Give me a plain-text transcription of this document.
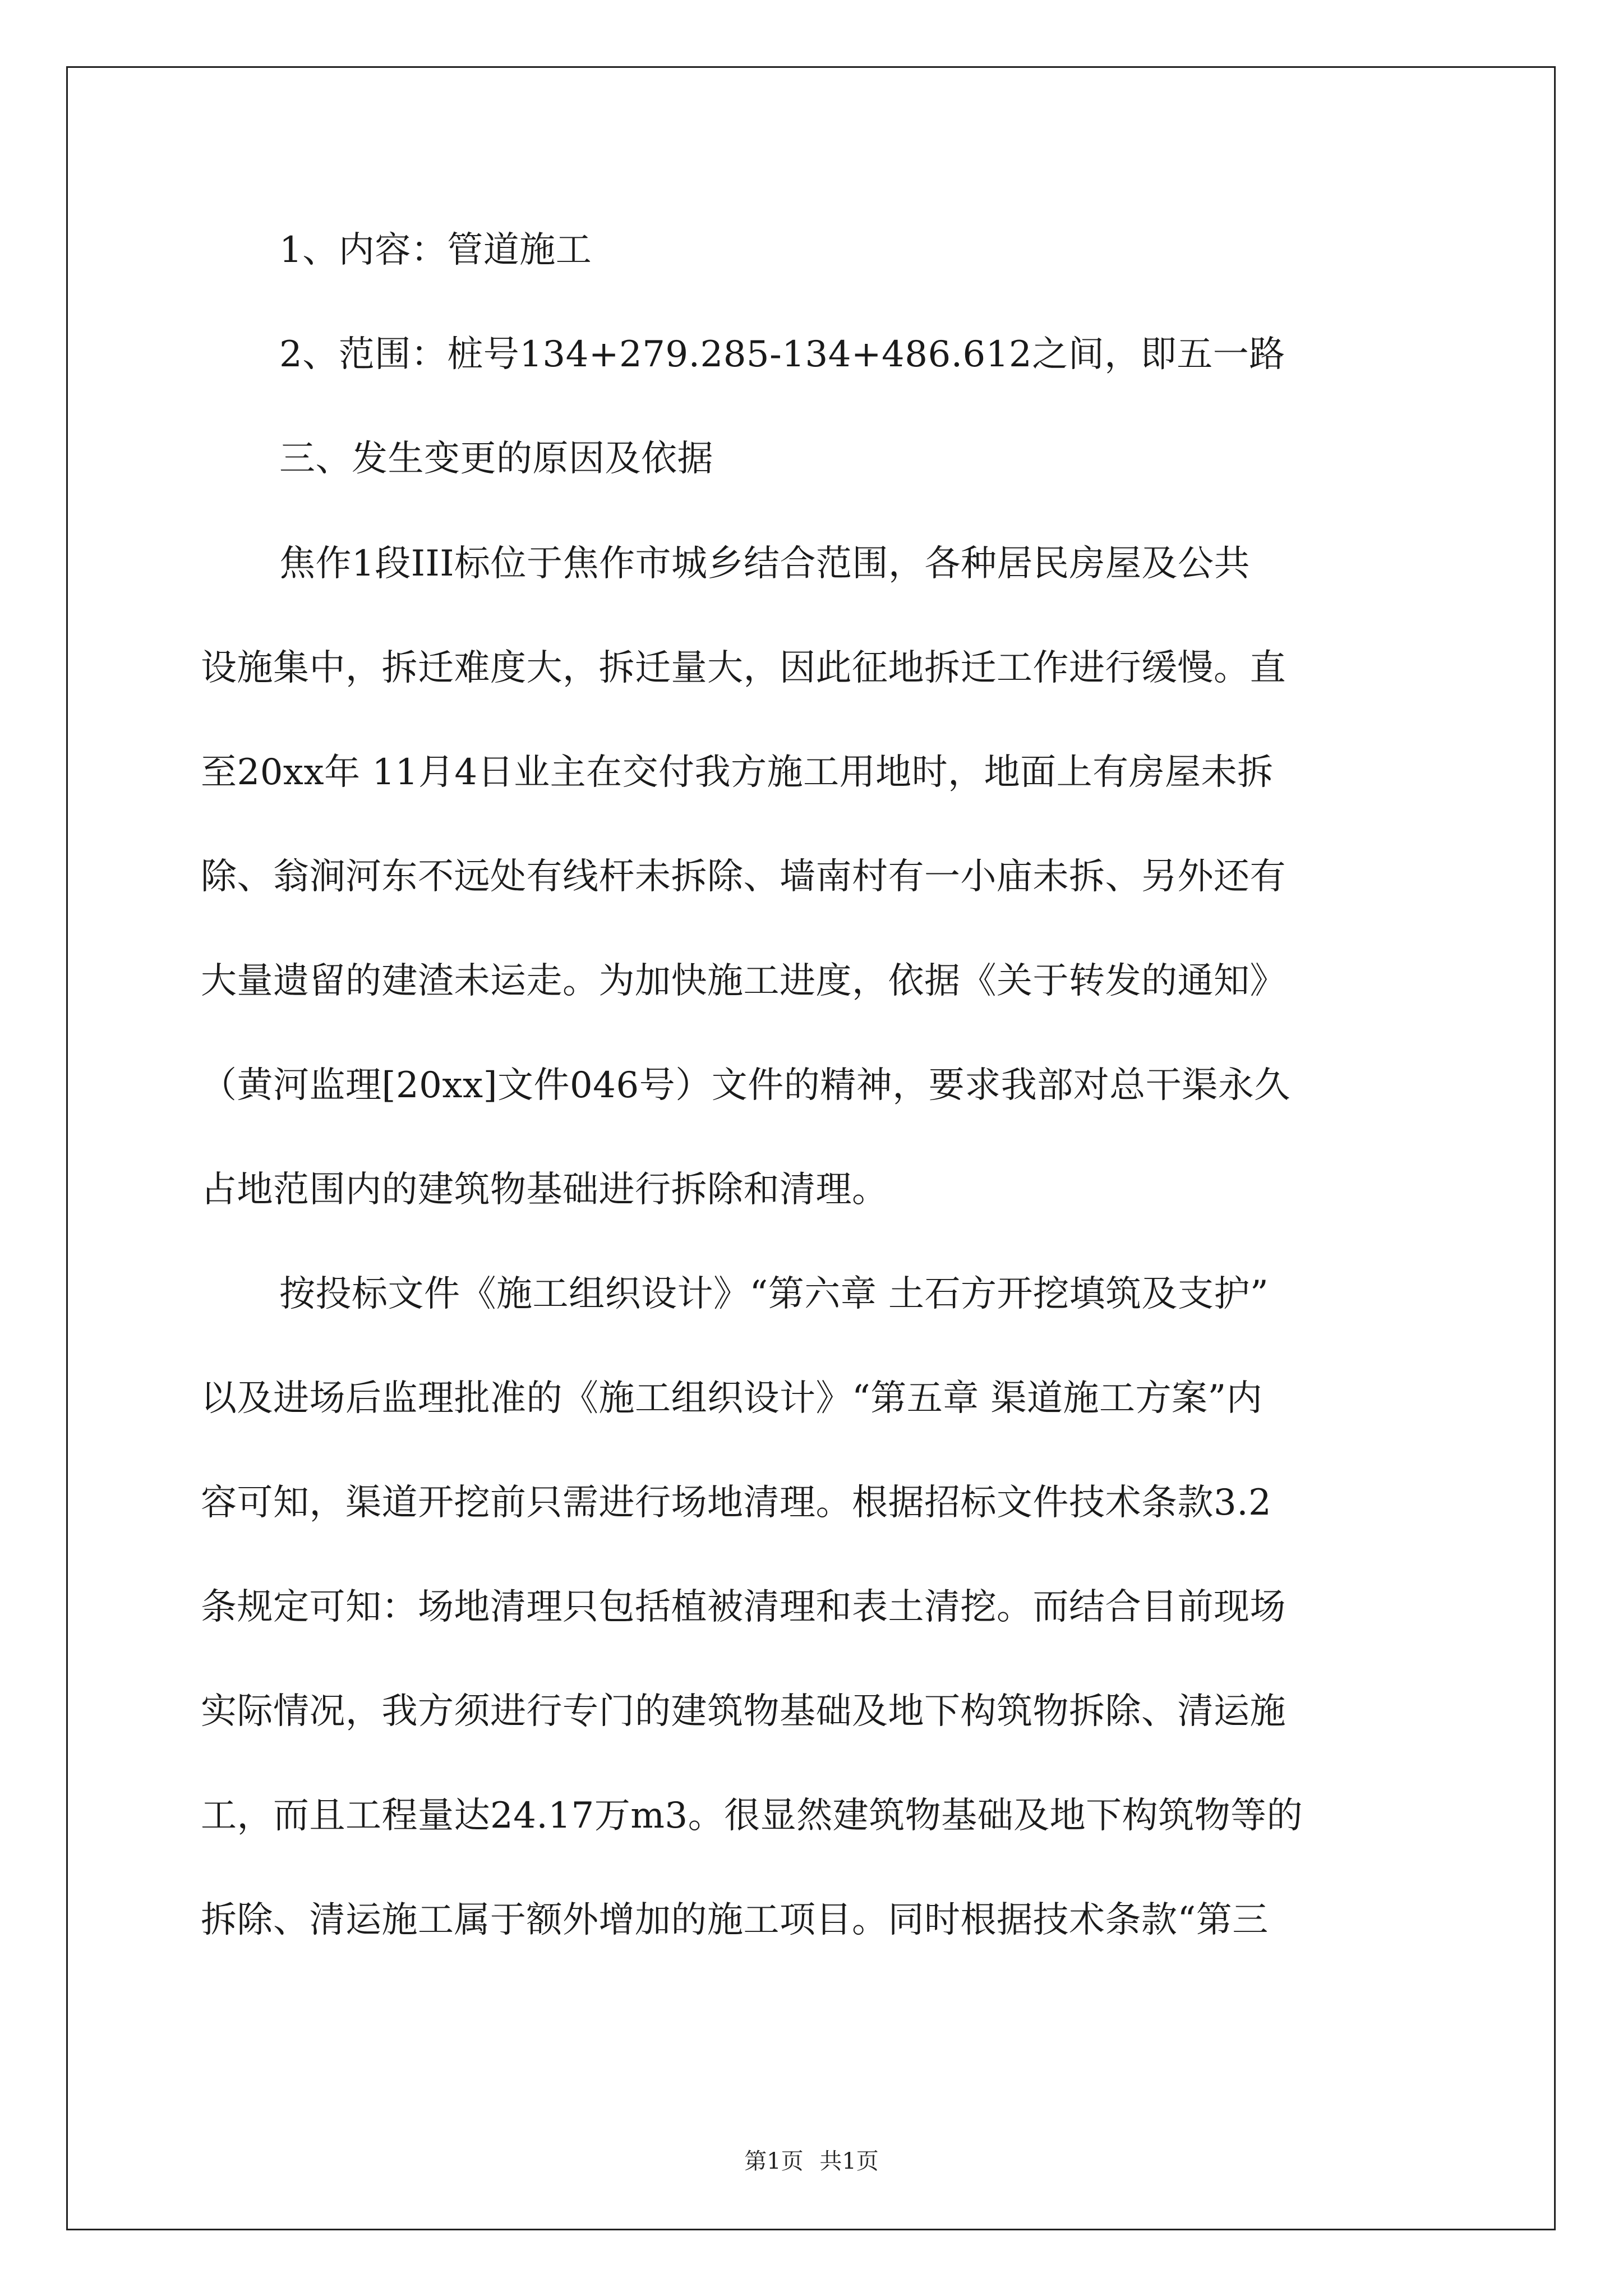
1、内容：管道施工
2、范围：桩号134+279.285-134+486.612之间，即五一路
三、发生变更的原因及依据
焦作1段III标位于焦作市城乡结合范围，各种居民房屋及公共
设施集中，拆迁难度大，拆迁量大，因此征地拆迁工作进行缓慢。直
至20xx年 11月4日业主在交付我方施工用地时，地面上有房屋未拆
除、翁涧河东不远处有线杆未拆除、墙南村有一小庙未拆、另外还有
大量遗留的建渣未运走。为加快施工进度，依据《关于转发的通知》
（黄河监理[20xx]文件046号）文件的精神，要求我部对总干渠永久
占地范围内的建筑物基础进行拆除和清理。
按投标文件《施工组织设计》“第六章 土石方开挖填筑及支护”
以及进场后监理批准的《施工组织设计》“第五章 渠道施工方案”内
容可知，渠道开挖前只需进行场地清理。根据招标文件技术条款3.2
条规定可知：场地清理只包括植被清理和表土清挖。而结合目前现场
实际情况，我方须进行专门的建筑物基础及地下构筑物拆除、清运施
工，而且工程量达24.17万m3。很显然建筑物基础及地下构筑物等的
拆除、清运施工属于额外增加的施工项目。同时根据技术条款“第三
第1页 共1页
